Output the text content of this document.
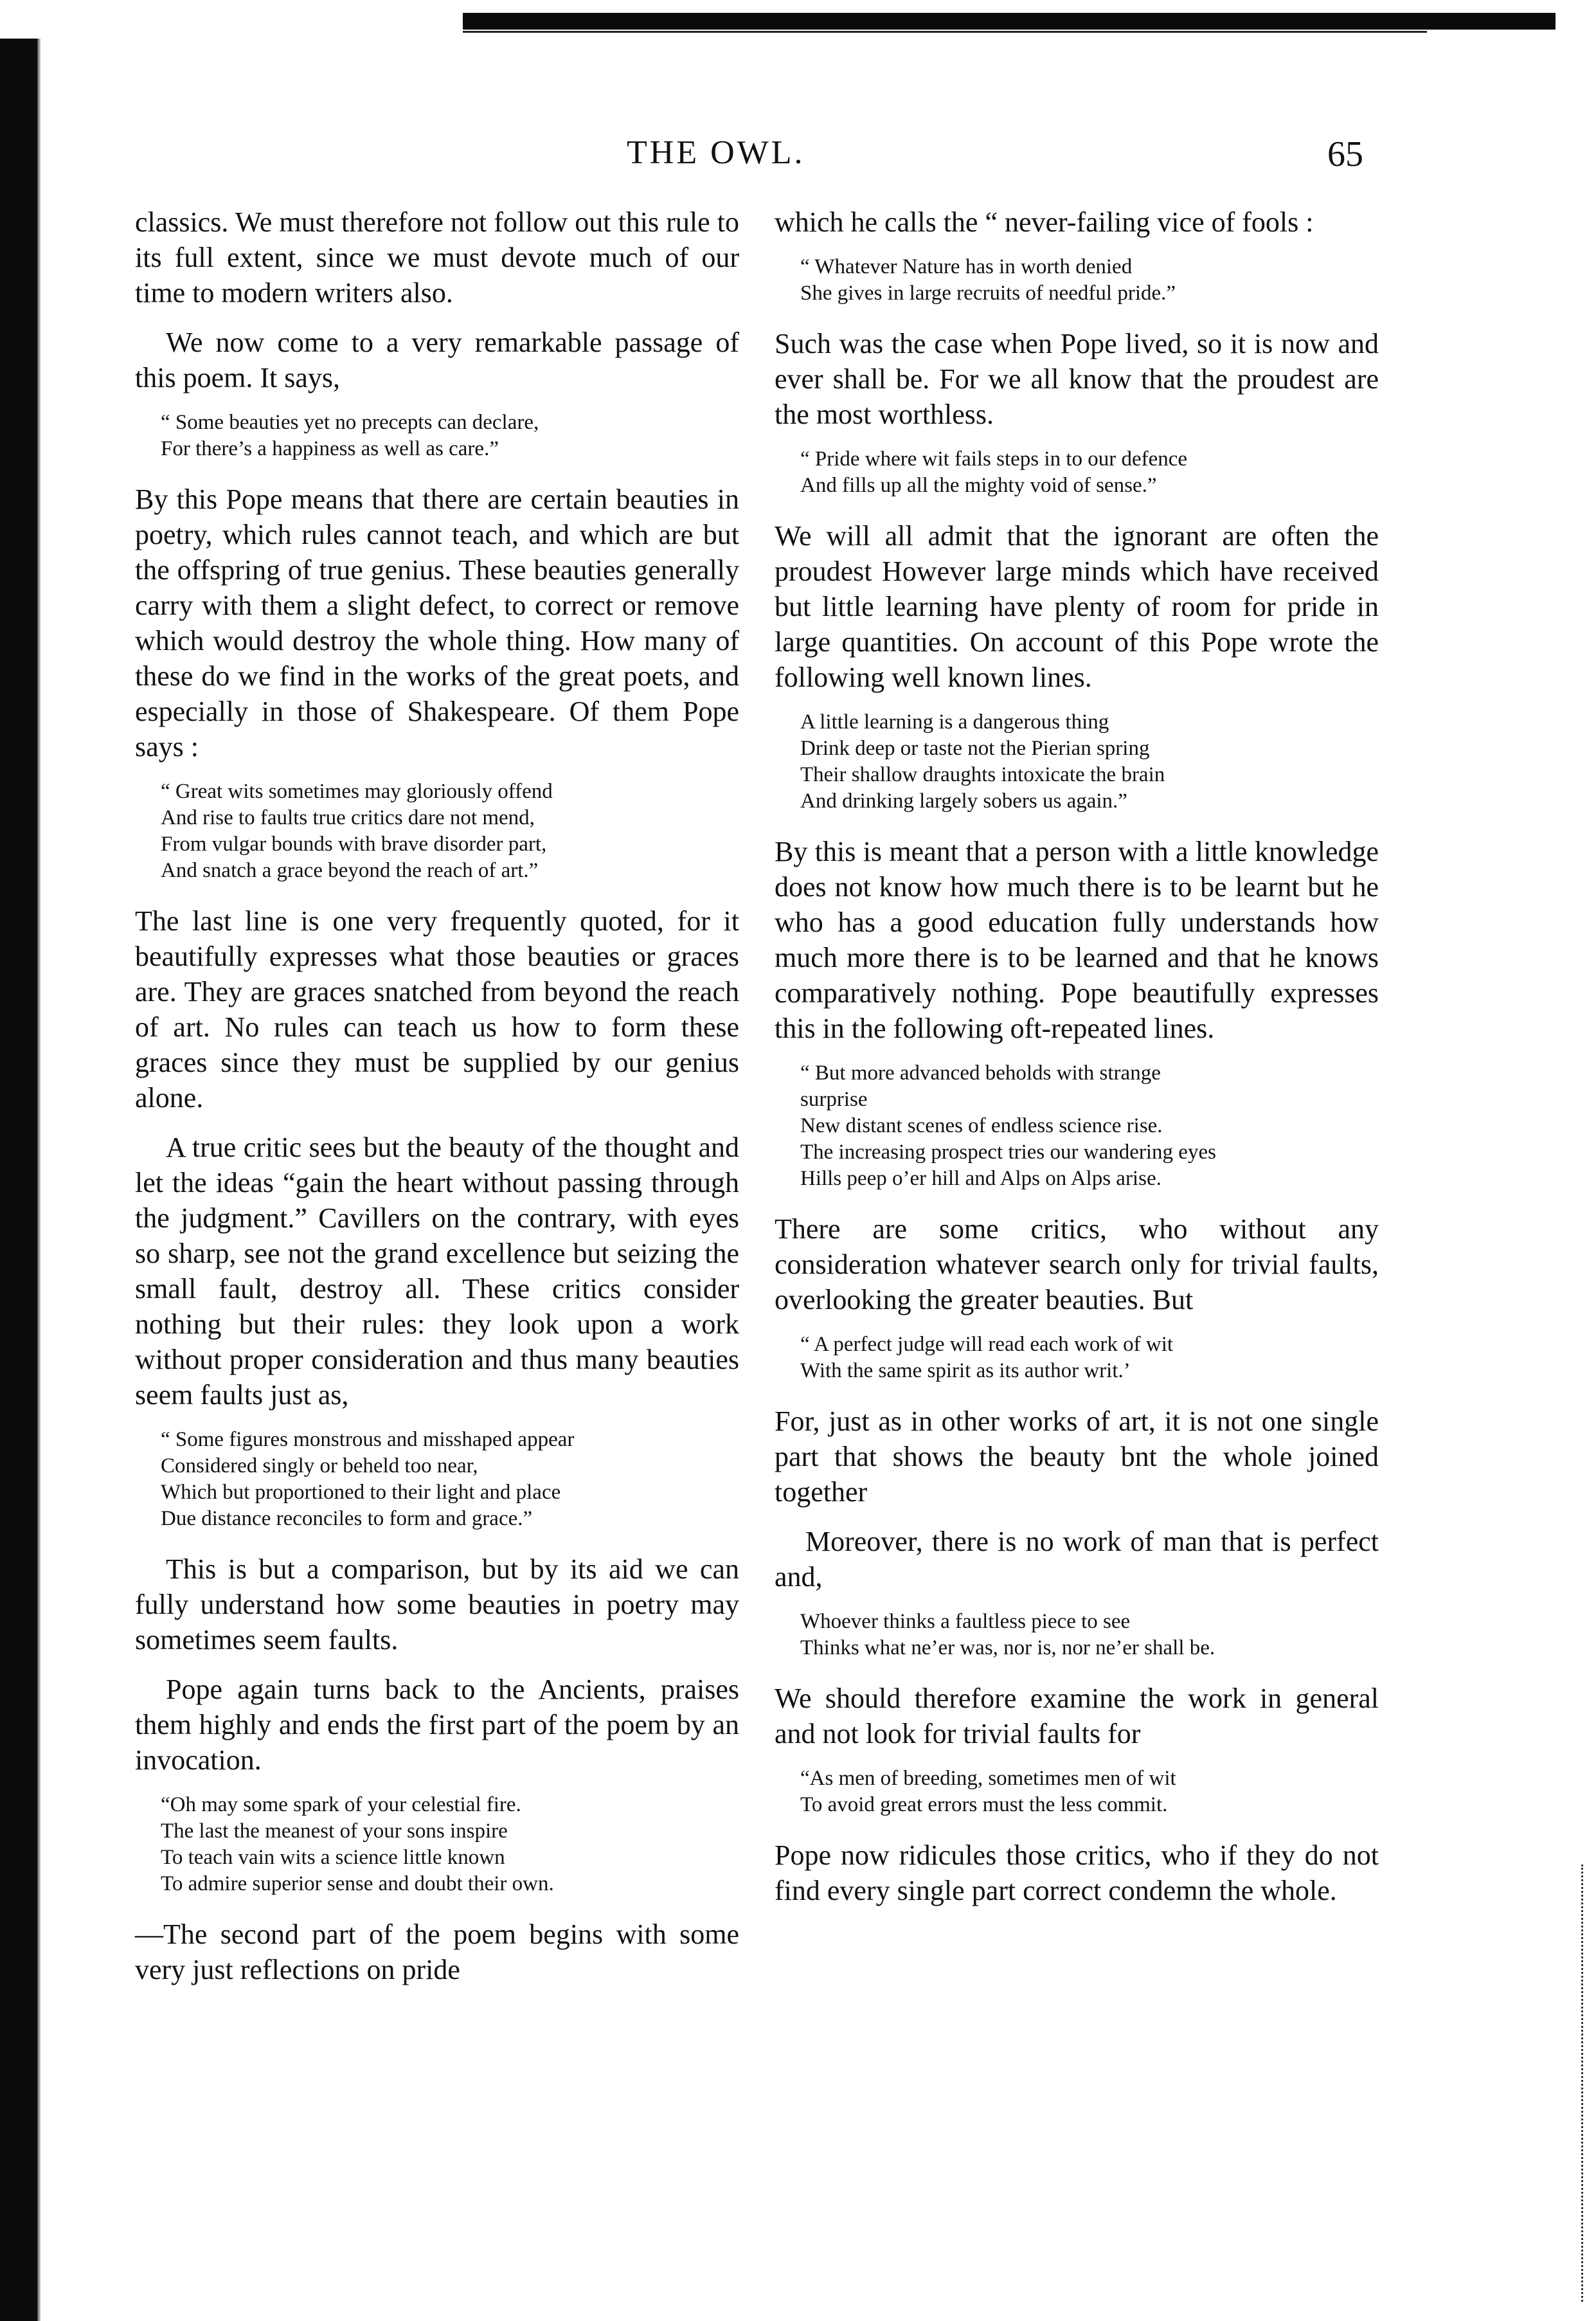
THE OWL.	65

classics. We must therefore not follow out this rule to its full extent, since we must devote much of our time to modern writers also.

We now come to a very remarkable passage of this poem. It says,

“ Some beauties yet no precepts can declare,
For there’s a happiness as well as care.”

By this Pope means that there are certain beauties in poetry, which rules cannot teach, and which are but the offspring of true genius. These beauties generally carry with them a slight defect, to correct or remove which would destroy the whole thing. How many of these do we find in the works of the great poets, and especially in those of Shakespeare. Of them Pope says :

“ Great wits sometimes may gloriously offend
And rise to faults true critics dare not mend,
From vulgar bounds with brave disorder part,
And snatch a grace beyond the reach of art.”

The last line is one very frequently quoted, for it beautifully expresses what those beauties or graces are. They are graces snatched from beyond the reach of art. No rules can teach us how to form these graces since they must be supplied by our genius alone.

A true critic sees but the beauty of the thought and let the ideas “gain the heart without passing through the judgment.” Cavillers on the contrary, with eyes so sharp, see not the grand excellence but seizing the small fault, destroy all. These critics consider nothing but their rules: they look upon a work without proper consideration and thus many beauties seem faults just as,

“ Some figures monstrous and misshaped appear
Considered singly or beheld too near,
Which but proportioned to their light and place
Due distance reconciles to form and grace.”

This is but a comparison, but by its aid we can fully understand how some beauties in poetry may sometimes seem faults.

Pope again turns back to the Ancients, praises them highly and ends the first part of the poem by an invocation.

“Oh may some spark of your celestial fire.
The last the meanest of your sons inspire
To teach vain wits a science little known
To admire superior sense and doubt their own.

—The second part of the poem begins with some very just reflections on pride

which he calls the “ never-failing vice of fools :

“ Whatever Nature has in worth denied
She gives in large recruits of needful pride.”

Such was the case when Pope lived, so it is now and ever shall be. For we all know that the proudest are the most worthless.

“ Pride where wit fails steps in to our defence
And fills up all the mighty void of sense.”

We will all admit that the ignorant are often the proudest However large minds which have received but little learning have plenty of room for pride in large quantities. On account of this Pope wrote the following well known lines.

A little learning is a dangerous thing
Drink deep or taste not the Pierian spring
Their shallow draughts intoxicate the brain
And drinking largely sobers us again.”

By this is meant that a person with a little knowledge does not know how much there is to be learnt but he who has a good education fully understands how much more there is to be learned and that he knows comparatively nothing. Pope beautifully expresses this in the following oft-repeated lines.

“ But more advanced beholds with strange
surprise
New distant scenes of endless science rise.
The increasing prospect tries our wandering eyes
Hills peep o’er hill and Alps on Alps arise.

There are some critics, who without any consideration whatever search only for trivial faults, overlooking the greater beauties. But

“ A perfect judge will read each work of wit
With the same spirit as its author writ.’

For, just as in other works of art, it is not one single part that shows the beauty bnt the whole joined together

Moreover, there is no work of man that is perfect and,

Whoever thinks a faultless piece to see
Thinks what ne’er was, nor is, nor ne’er shall be.

We should therefore examine the work in general and not look for trivial faults for

“As men of breeding, sometimes men of wit
To avoid great errors must the less commit.

Pope now ridicules those critics, who if they do not find every single part correct condemn the whole.
